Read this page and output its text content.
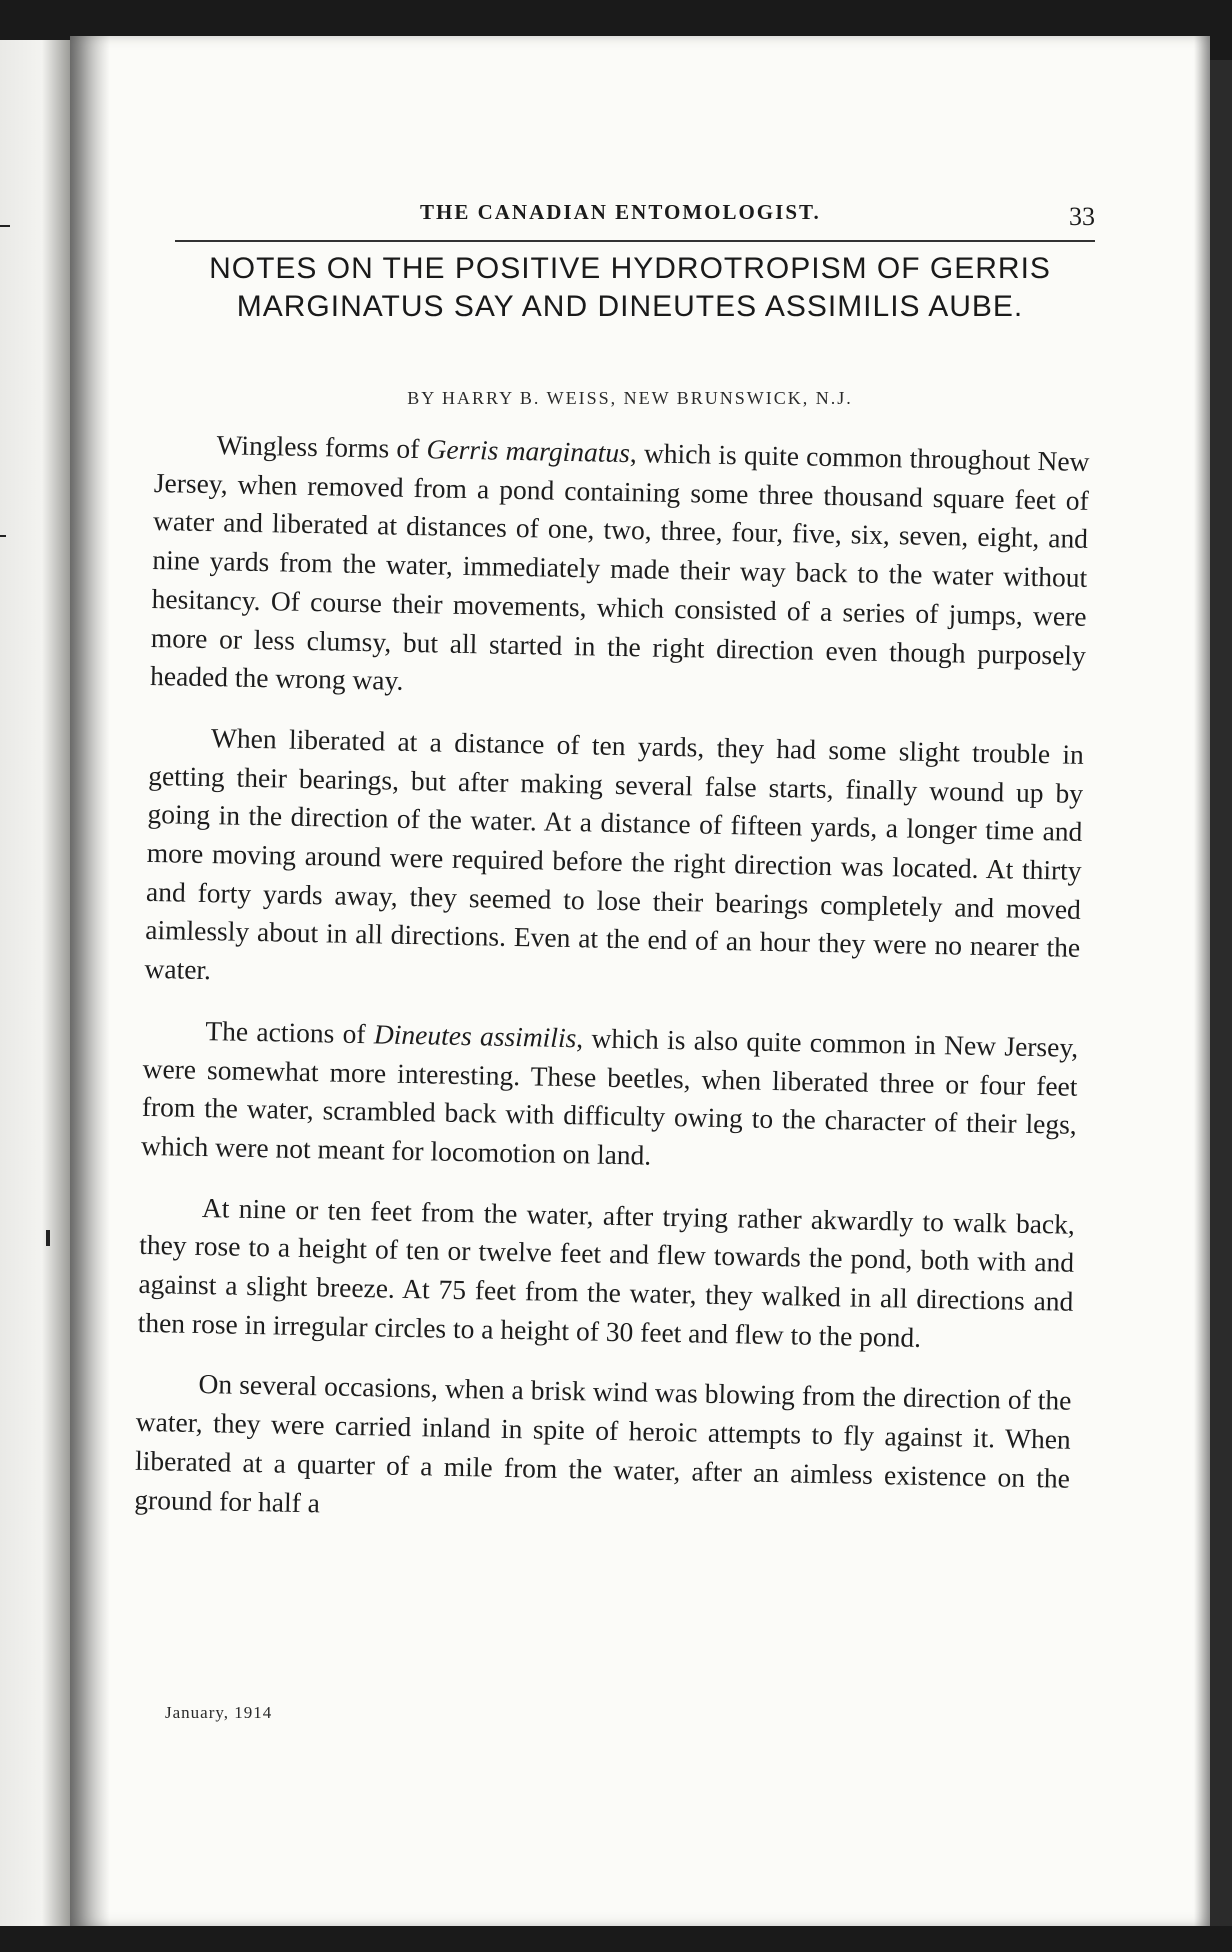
THE CANADIAN ENTOMOLOGIST.	33
NOTES ON THE POSITIVE HYDROTROPISM OF GERRIS MARGINATUS SAY AND DINEUTES ASSIMILIS AUBE.
BY HARRY B. WEISS, NEW BRUNSWICK, N.J.

Wingless forms of Gerris marginatus, which is quite common throughout New Jersey, when removed from a pond containing some three thousand square feet of water and liberated at distances of one, two, three, four, five, six, seven, eight, and nine yards from the water, immediately made their way back to the water without hesitancy. Of course their movements, which consisted of a series of jumps, were more or less clumsy, but all started in the right direction even though purposely headed the wrong way.

When liberated at a distance of ten yards, they had some slight trouble in getting their bearings, but after making several false starts, finally wound up by going in the direction of the water. At a distance of fifteen yards, a longer time and more moving around were required before the right direction was located. At thirty and forty yards away, they seemed to lose their bearings completely and moved aimlessly about in all directions. Even at the end of an hour they were no nearer the water.

The actions of Dineutes assimilis, which is also quite common in New Jersey, were somewhat more interesting. These beetles, when liberated three or four feet from the water, scrambled back with difficulty owing to the character of their legs, which were not meant for locomotion on land.

At nine or ten feet from the water, after trying rather akwardly to walk back, they rose to a height of ten or twelve feet and flew towards the pond, both with and against a slight breeze. At 75 feet from the water, they walked in all directions and then rose in irregular circles to a height of 30 feet and flew to the pond.

On several occasions, when a brisk wind was blowing from the direction of the water, they were carried inland in spite of heroic attempts to fly against it. When liberated at a quarter of a mile from the water, after an aimless existence on the ground for half a

January, 1914
